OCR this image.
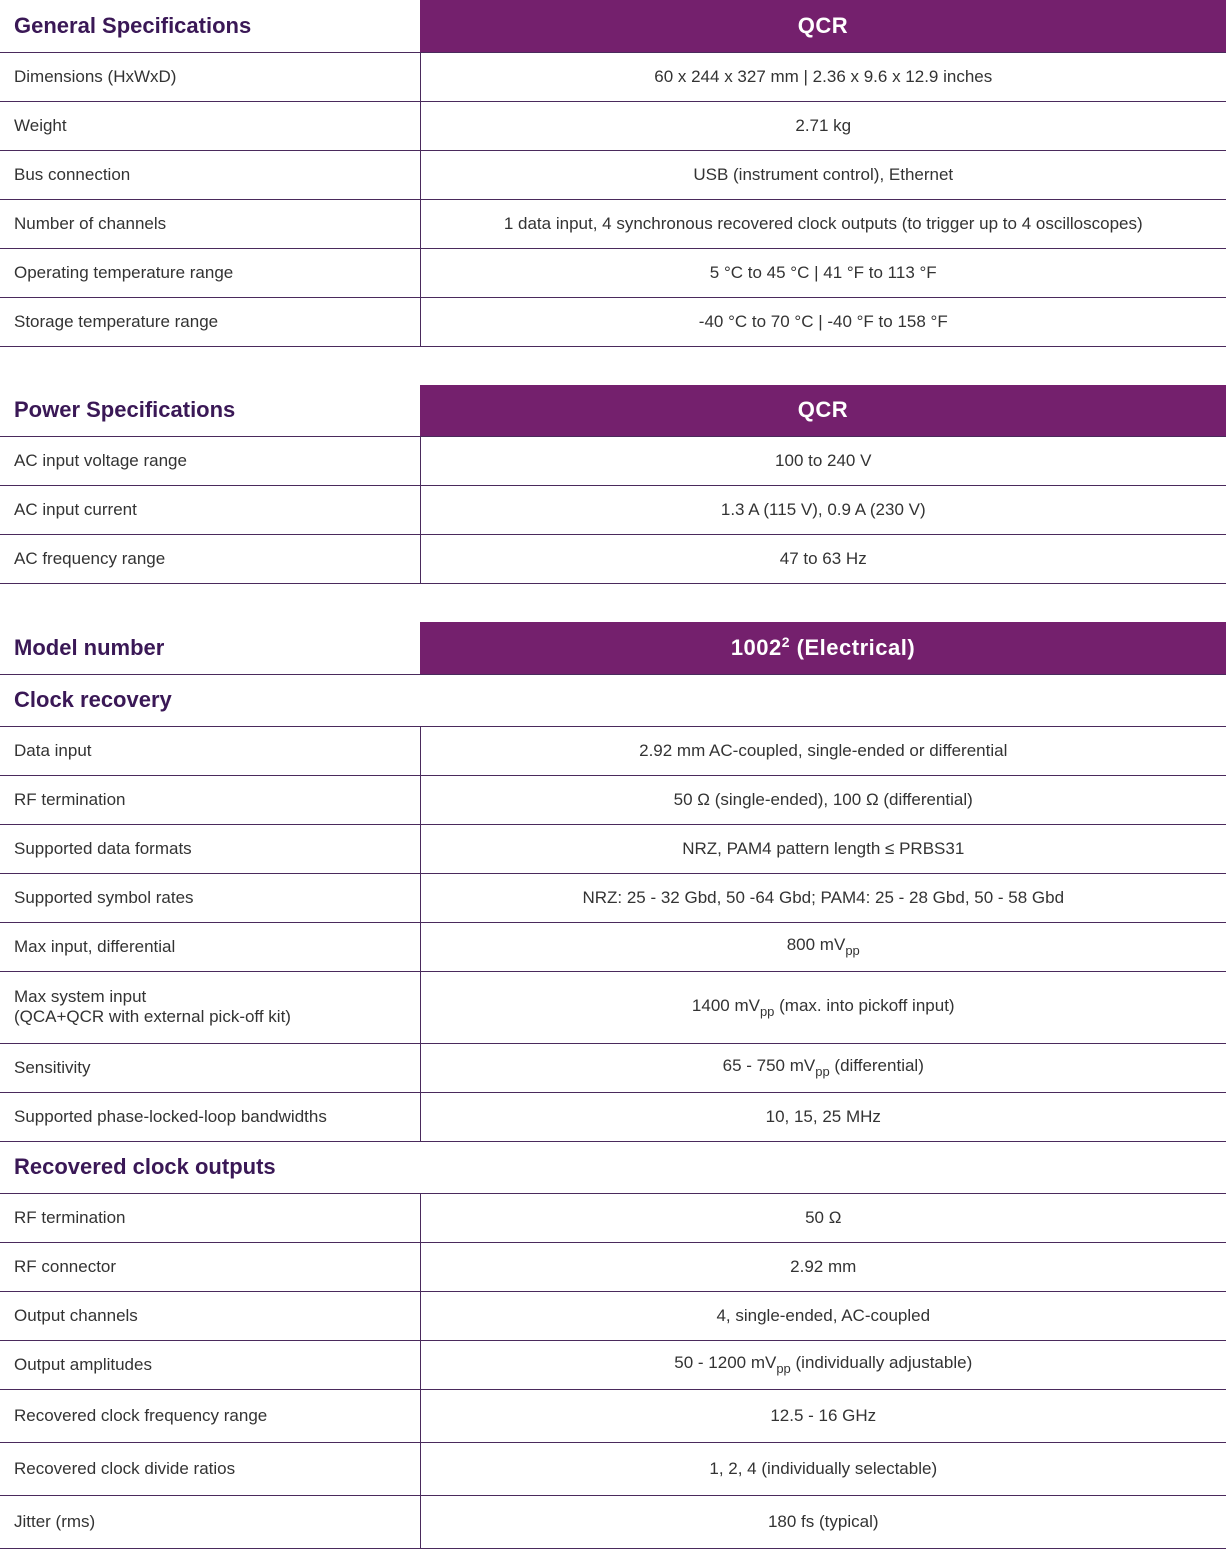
General Specifications	QCR
Dimensions (HxWxD)	60 x 244 x 327 mm | 2.36 x 9.6 x 12.9 inches
Weight	2.71 kg
Bus connection	USB (instrument control), Ethernet
Number of channels	1 data input, 4 synchronous recovered clock outputs (to trigger up to 4 oscilloscopes)
Operating temperature range	5 °C to 45 °C | 41 °F to 113 °F
Storage temperature range	-40 °C to 70 °C | -40 °F to 158 °F
Power Specifications	QCR
AC input voltage range	100 to 240 V
AC input current	1.3 A (115 V), 0.9 A (230 V)
AC frequency range	47 to 63 Hz
Model number	1002$^2$ (Electrical)
Clock recovery	
Data input	2.92 mm AC-coupled, single-ended or differential
RF termination	50 Ω (single-ended), 100 Ω (differential)
Supported data formats	NRZ, PAM4 pattern length ≤ PRBS31
Supported symbol rates	NRZ: 25 - 32 Gbd, 50 -64 Gbd; PAM4: 25 - 28 Gbd, 50 - 58 Gbd
Max input, differential	800 $mV_{pp}$
Max system input
(QCA+QCR with external pick-off kit)	1400 $mV_{pp}$ (max. into pickoff input)
Sensitivity	65 - 750 $mV_{pp}$ (differential)
Supported phase-locked-loop bandwidths	10, 15, 25 MHz
Recovered clock outputs	
RF termination	50 Ω
RF connector	2.92 mm
Output channels	4, single-ended, AC-coupled
Output amplitudes	50 - 1200 $mV_{pp}$ (individually adjustable)
Recovered clock frequency range	12.5 - 16 GHz
Recovered clock divide ratios	1, 2, 4 (individually selectable)
Jitter (rms)	180 fs (typical)
